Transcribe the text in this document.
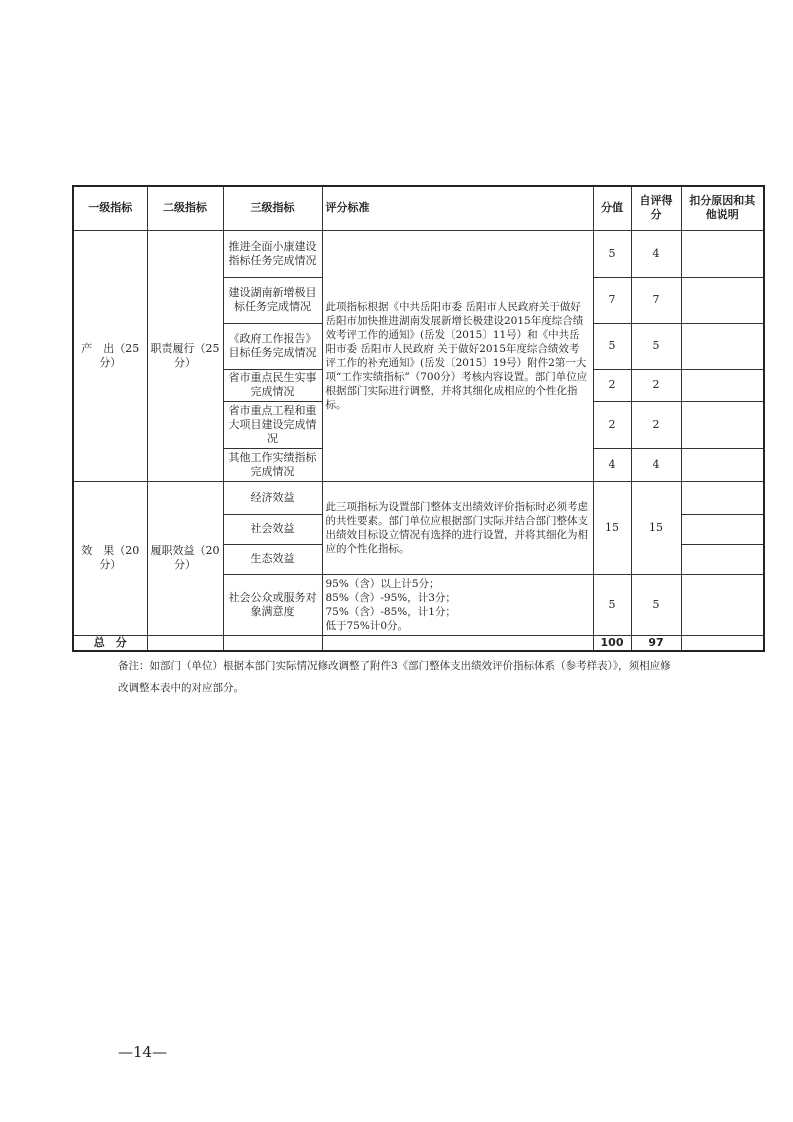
一级指标	二级指标	三级指标	评分标准	分值	自评得分	扣分原因和其他说明
产　出（25分）	职责履行（25分）	推进全面小康建设指标任务完成情况	此项指标根据《中共岳阳市委 岳阳市人民政府关于做好岳阳市加快推进湖南发展新增长极建设2015年度综合绩效考评工作的通知》(岳发〔2015〕11号）和《中共岳阳市委 岳阳市人民政府 关于做好2015年度综合绩效考评工作的补充通知》(岳发〔2015〕19号）附件2第一大项“工作实绩指标”（700分）考核内容设置。部门单位应根据部门实际进行调整，并将其细化成相应的个性化指标。	5	4	
		建设湖南新增极目标任务完成情况		7	7	
		《政府工作报告》目标任务完成情况		5	5	
		省市重点民生实事完成情况		2	2	
		省市重点工程和重大项目建设完成情况		2	2	
		其他工作实绩指标完成情况		4	4	
效　果（20分）	履职效益（20分）	经济效益	此三项指标为设置部门整体支出绩效评价指标时必须考虑的共性要素。部门单位应根据部门实际并结合部门整体支出绩效目标设立情况有选择的进行设置，并将其细化为相应的个性化指标。	15	15	
		社会效益				
		生态效益				
		社会公众或服务对象满意度	95%（含）以上计5分；
85%（含）-95%，计3分；
75%（含）-85%，计1分；
低于75%计0分。	5	5	
总　分				100	97	
备注：如部门（单位）根据本部门实际情况修改调整了附件3《部门整体支出绩效评价指标体系（参考样表）》，须相应修改调整本表中的对应部分。
—14—
